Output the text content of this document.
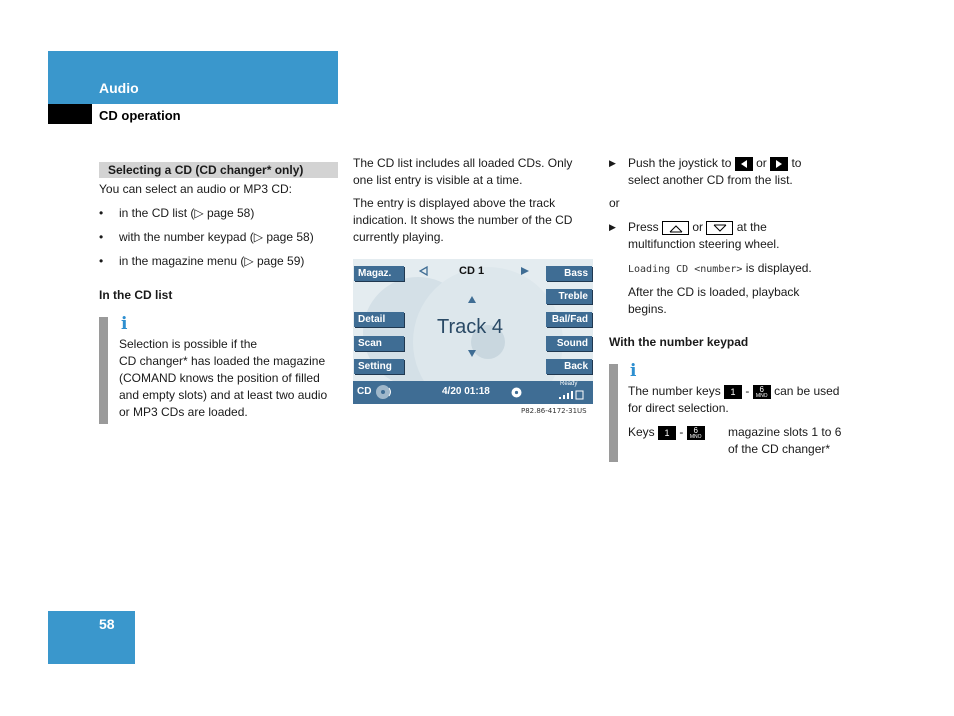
Audio
CD operation
Selecting a CD (CD changer* only)
You can select an audio or MP3 CD:
• in the CD list (▷ page 58)
• with the number keypad (▷ page 58)
• in the magazine menu (▷ page 59)
In the CD list
i
Selection is possible if the
CD changer* has loaded the magazine
(COMAND knows the position of filled
and empty slots) and at least two audio
or MP3 CDs are loaded.
The CD list includes all loaded CDs. Only
one list entry is visible at a time.
The entry is displayed above the track
indication. It shows the number of the CD
currently playing.
Magaz.
Detail
Scan
Setting
Bass
Treble
Bal/Fad
Sound
Back
CD 1
Track 4
CD	4/20 01:18
Ready
P82.86-4172-31US
▶ Push the joystick to or to
select another CD from the list.
or
▶ Press	or	at the
multifunction steering wheel.
Loading CD <number> is displayed.
After the CD is loaded, playback
begins.
With the number keypad
i
The number keys 1 -	6
MNO can be used
for direct selection.
Keys 1 -	6
MNO magazine slots 1 to 6
of the CD changer*
58
